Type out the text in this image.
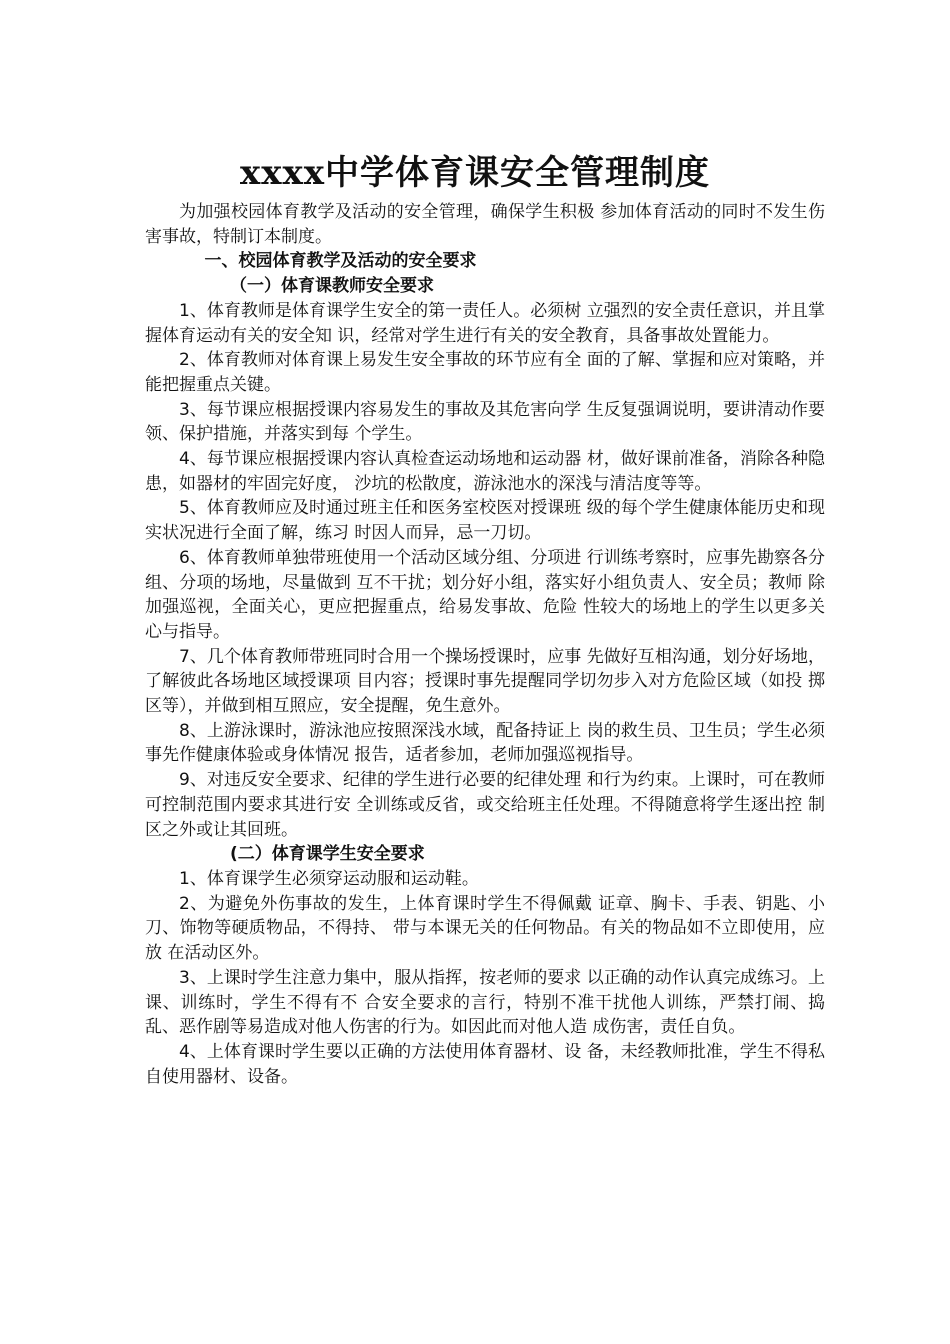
xxxx中学体育课安全管理制度

为加强校园体育教学及活动的安全管理，确保学生积极 参加体育活动的同时不发生伤害事故，特制订本制度。

一、校园体育教学及活动的安全要求

（一）体育课教师安全要求

1、体育教师是体育课学生安全的第一责任人。必须树 立强烈的安全责任意识，并且掌握体育运动有关的安全知 识，经常对学生进行有关的安全教育，具备事故处置能力。

2、体育教师对体育课上易发生安全事故的环节应有全 面的了解、掌握和应对策略，并能把握重点关键。

3、每节课应根据授课内容易发生的事故及其危害向学 生反复强调说明，要讲清动作要领、保护措施，并落实到每 个学生。

4、每节课应根据授课内容认真检查运动场地和运动器 材，做好课前准备，消除各种隐患，如器材的牢固完好度， 沙坑的松散度，游泳池水的深浅与清洁度等等。

5、体育教师应及时通过班主任和医务室校医对授课班 级的每个学生健康体能历史和现实状况进行全面了解，练习 时因人而异，忌一刀切。

6、体育教师单独带班使用一个活动区域分组、分项进 行训练考察时，应事先勘察各分组、分项的场地，尽量做到 互不干扰；划分好小组，落实好小组负责人、安全员；教师 除加强巡视，全面关心，更应把握重点，给易发事故、危险 性较大的场地上的学生以更多关心与指导。

7、几个体育教师带班同时合用一个操场授课时，应事 先做好互相沟通，划分好场地，了解彼此各场地区域授课项 目内容；授课时事先提醒同学切勿步入对方危险区域（如投 掷区等），并做到相互照应，安全提醒，免生意外。

8、上游泳课时，游泳池应按照深浅水域，配备持证上 岗的救生员、卫生员；学生必须事先作健康体验或身体情况 报告，适者参加，老师加强巡视指导。

9、对违反安全要求、纪律的学生进行必要的纪律处理 和行为约束。上课时，可在教师可控制范围内要求其进行安 全训练或反省，或交给班主任处理。不得随意将学生逐出控 制区之外或让其回班。

(二）体育课学生安全要求

1、体育课学生必须穿运动服和运动鞋。

2、为避免外伤事故的发生，上体育课时学生不得佩戴 证章、胸卡、手表、钥匙、小刀、饰物等硬质物品，不得持、 带与本课无关的任何物品。有关的物品如不立即使用，应放 在活动区外。

3、上课时学生注意力集中，服从指挥，按老师的要求 以正确的动作认真完成练习。上课、训练时，学生不得有不 合安全要求的言行，特别不准干扰他人训练，严禁打闹、捣 乱、恶作剧等易造成对他人伤害的行为。如因此而对他人造 成伤害，责任自负。

4、上体育课时学生要以正确的方法使用体育器材、设 备，未经教师批准，学生不得私自使用器材、设备。
